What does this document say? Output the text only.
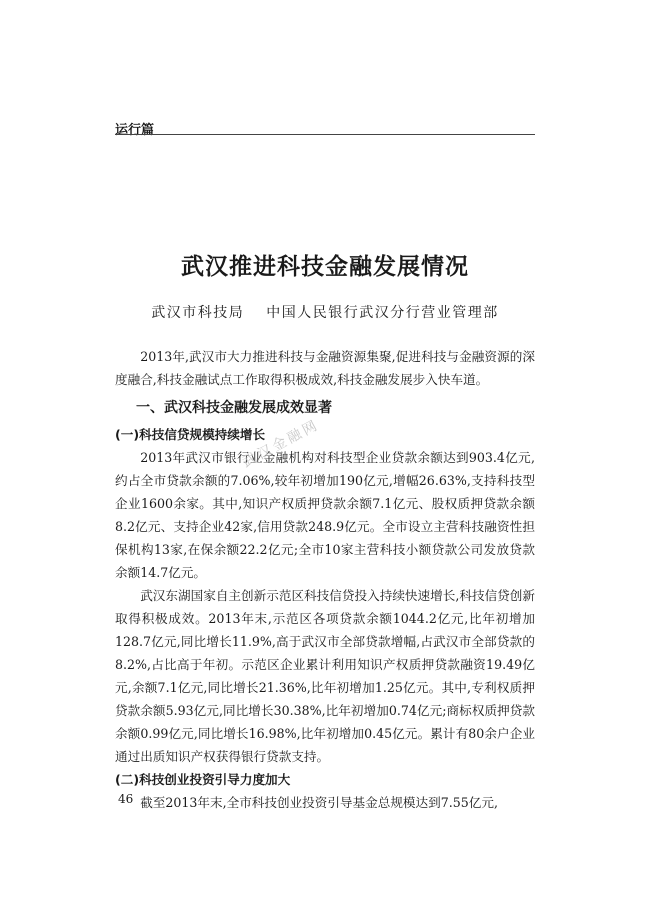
运行篇
武汉推进科技金融发展情况
武汉市科技局 中国人民银行武汉分行营业管理部

2013年,武汉市大力推进科技与金融资源集聚,促进科技与金融资源的深度融合,科技金融试点工作取得积极成效,科技金融发展步入快车道。

一、武汉科技金融发展成效显著

(一)科技信贷规模持续增长

2013年武汉市银行业金融机构对科技型企业贷款余额达到903.4亿元,约占全市贷款余额的7.06%,较年初增加190亿元,增幅26.63%,支持科技型企业1600余家。其中,知识产权质押贷款余额7.1亿元、股权质押贷款余额8.2亿元、支持企业42家,信用贷款248.9亿元。全市设立主营科技融资性担保机构13家,在保余额22.2亿元;全市10家主营科技小额贷款公司发放贷款余额14.7亿元。

武汉东湖国家自主创新示范区科技信贷投入持续快速增长,科技信贷创新取得积极成效。2013年末,示范区各项贷款余额1044.2亿元,比年初增加128.7亿元,同比增长11.9%,高于武汉市全部贷款增幅,占武汉市全部贷款的8.2%,占比高于年初。示范区企业累计利用知识产权质押贷款融资19.49亿元,余额7.1亿元,同比增长21.36%,比年初增加1.25亿元。其中,专利权质押贷款余额5.93亿元,同比增长30.38%,比年初增加0.74亿元;商标权质押贷款余额0.99亿元,同比增长16.98%,比年初增加0.45亿元。累计有80余户企业通过出质知识产权获得银行贷款支持。

(二)科技创业投资引导力度加大

截至2013年末,全市科技创业投资引导基金总规模达到7.55亿元,

武汉金融网
46
